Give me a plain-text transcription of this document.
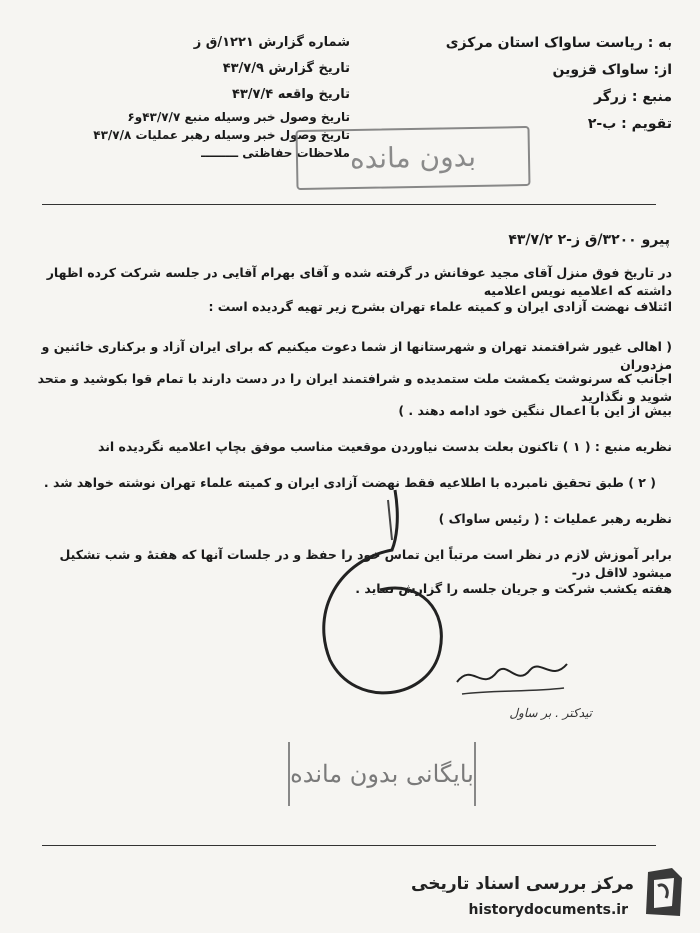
به : ریاست ساواک استان مرکزی
از: ساواک قزوین
منبع : زرگر
تقویم : ب-۲
شماره گزارش ۱۲۲۱/ق ز
تاریخ گزارش ۴۳/۷/۹
تاریخ واقعه ۴۳/۷/۴
تاریخ وصول خبر وسیله منبع ۴۳/۷/۷و۶
تاریخ وصول خبر وسیله رهبر عملیات ۴۳/۷/۸
ملاحظات حفاظتی ـــــــــ بدون مانده
پیرو ۳۲۰۰/ق ز-۲ ۴۳/۷/۲
در تاریخ فوق منزل آقای مجید عوفانش در گرفته شده و آقای بهرام آقایی در جلسه شرکت کرده اظهار داشته که اعلامیه نویس اعلامیه
ائتلاف نهضت آزادی ایران و کمیته علماء تهران بشرح زیر تهیه گردیده است :
( اهالی غیور شرافتمند تهران و شهرستانها از شما دعوت میکنیم که برای ایران آزاد و برکناری خائنین و مزدوران
اجانب که سرنوشت یکمشت ملت ستمدیده و شرافتمند ایران را در دست دارند با تمام قوا بکوشید و متحد شوید و نگذارید
بیش از این با اعمال ننگین خود ادامه دهند . )
نظریه منبع : ( ۱ ) تاکنون بعلت بدست نیاوردن موقعیت مناسب موفق بچاپ اعلامیه نگردیده اند
( ۲ ) طبق تحقیق نامبرده با اطلاعیه فقط نهضت آزادی ایران و کمیته علماء تهران نوشته خواهد شد .
نظریه رهبر عملیات : ( رئیس ساواک )
برابر آموزش لازم در نظر است مرتباً این تماس خود را حفظ و در جلسات آنها که هفتهٔ و شب تشکیل میشود لااقل در-
هفته یکشب شرکت و جریان جلسه را گزارش نماید .
تیدکتر . بر ساول
بایگانی بدون مانده
مرکز بررسی اسناد تاریخی
historydocuments.ir
